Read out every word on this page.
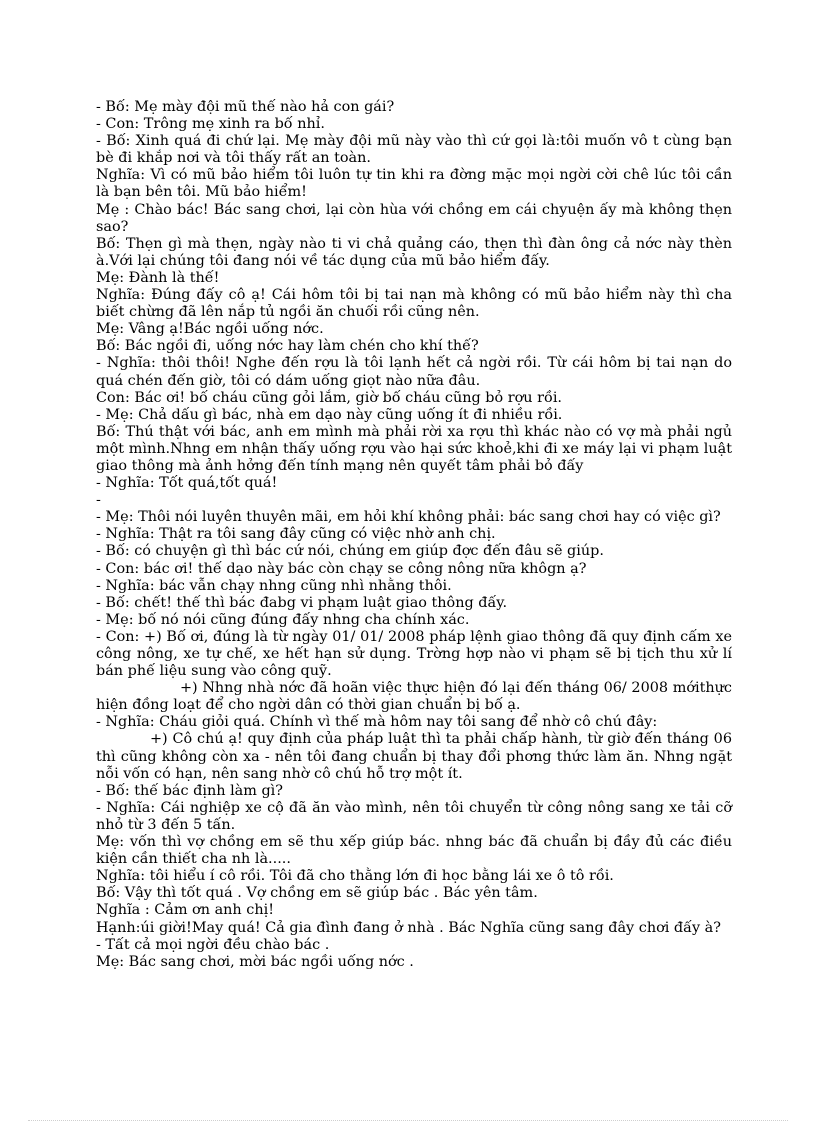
- Bố: Mẹ mày đội mũ thế nào hả con gái?

- Con: Trông mẹ xinh ra bố nhỉ.

- Bố: Xinh quá đi chứ lại. Mẹ mày đội mũ này vào thì cứ gọi là:tôi muốn vô t cùng bạn bè đi khắp nơi và tôi thấy rất an toàn.

Nghĩa: Vì có mũ bảo hiểm tôi luôn tự tin khi ra đờng mặc mọi ngời cời chê lúc tôi cần là bạn bên tôi. Mũ bảo hiểm!

Mẹ : Chào bác! Bác sang chơi, lại còn hùa với chồng em cái chyuện ấy mà không thẹn sao?

Bố: Thẹn gì mà thẹn, ngày nào ti vi chả quảng cáo, thẹn thì đàn ông cả nớc này thèn à.Với lại chúng tôi đang nói về tác dụng của mũ bảo hiểm đấy.

Mẹ: Đành là thế!

Nghĩa: Đúng đấy cô ạ! Cái hôm tôi bị tai nạn mà không có mũ bảo hiểm này thì cha biết chừng đã lên nắp tủ ngồi ăn chuối rồi cũng nên.

Mẹ: Vâng ạ!Bác ngồi uống nớc.

Bố: Bác ngồi đi, uống nớc hay làm chén cho khí thế?

- Nghĩa: thôi thôi! Nghe đến rợu là tôi lạnh hết cả ngời rồi. Từ cái hôm bị tai nạn do quá chén đến giờ, tôi có dám uống giọt nào nữa đâu.

Con: Bác ơi! bố cháu cũng gỏi lắm, giờ bố cháu cũng bỏ rợu rồi.

- Mẹ: Chả dấu gì bác, nhà em dạo này cũng uống ít đi nhiều rồi.

Bố: Thú thật với bác, anh em mình mà phải rời xa rợu thì khác nào có vợ mà phải ngủ một mình.Nhng em nhận thấy uống rợu vào hại sức khoẻ,khi đi xe máy lại vi phạm luật giao thông mà ảnh hởng đến tính mạng nên quyết tâm phải bỏ đấy

- Nghĩa: Tốt quá,tốt quá!

-

- Mẹ: Thôi nói luyên thuyên mãi, em hỏi khí không phải: bác sang chơi hay có việc gì?

- Nghĩa: Thật ra tôi sang đây cũng có việc nhờ anh chị.

- Bố: có chuyện gì thì bác cứ nói, chúng em giúp đợc đến đâu sẽ giúp.

- Con: bác ơi! thế dạo này bác còn chạy se công nông nữa khôgn ạ?

- Nghĩa: bác vẫn chạy nhng cũng nhì nhằng thôi.

- Bố: chết! thế thì bác đabg vi phạm luật giao thông đấy.

- Mẹ: bố nó nói cũng đúng đấy nhng cha chính xác.

- Con: +) Bố ơi, đúng là từ ngày 01/ 01/ 2008 pháp lệnh giao thông đã quy định cấm xe công nông, xe tự chế, xe hết hạn sử dụng. Trờng hợp nào vi phạm sẽ bị tịch thu xử lí bán phế liệu sung vào công quỹ.

+) Nhng nhà nớc đã hoãn việc thực hiện đó lại đến tháng 06/ 2008 mớithực hiện đồng loạt để cho ngời dân có thời gian chuẩn bị bố ạ.

- Nghĩa: Cháu giỏi quá. Chính vì thế mà hôm nay tôi sang để nhờ cô chú đây:

+) Cô chú ạ! quy định của pháp luật thì ta phải chấp hành, từ giờ đến tháng 06 thì cũng không còn xa - nên tôi đang chuẩn bị thay đổi phơng thức làm ăn. Nhng ngặt nỗi vốn có hạn, nên sang nhờ cô chú hỗ trợ một ít.

- Bố: thế bác định làm gì?

- Nghĩa: Cái nghiệp xe cộ đã ăn vào mình, nên tôi chuyển từ công nông sang xe tải cỡ nhỏ từ 3 đến 5 tấn.

Mẹ: vốn thì vợ chồng em sẽ thu xếp giúp bác. nhng bác đã chuẩn bị đầy đủ các điều kiện cần thiết cha nh là.....

Nghĩa: tôi hiểu í cô rồi. Tôi đã cho thằng lớn đi học bằng lái xe ô tô rồi.

Bố: Vậy thì tốt quá . Vợ chồng em sẽ giúp bác . Bác yên tâm.

Nghĩa : Cảm ơn anh chị!

Hạnh:úi giời!May quá! Cả gia đình đang ở nhà . Bác Nghĩa cũng sang đây chơi đấy à?

- Tất cả mọi ngời đều chào bác .

Mẹ: Bác sang chơi, mời bác ngồi uống nớc .
